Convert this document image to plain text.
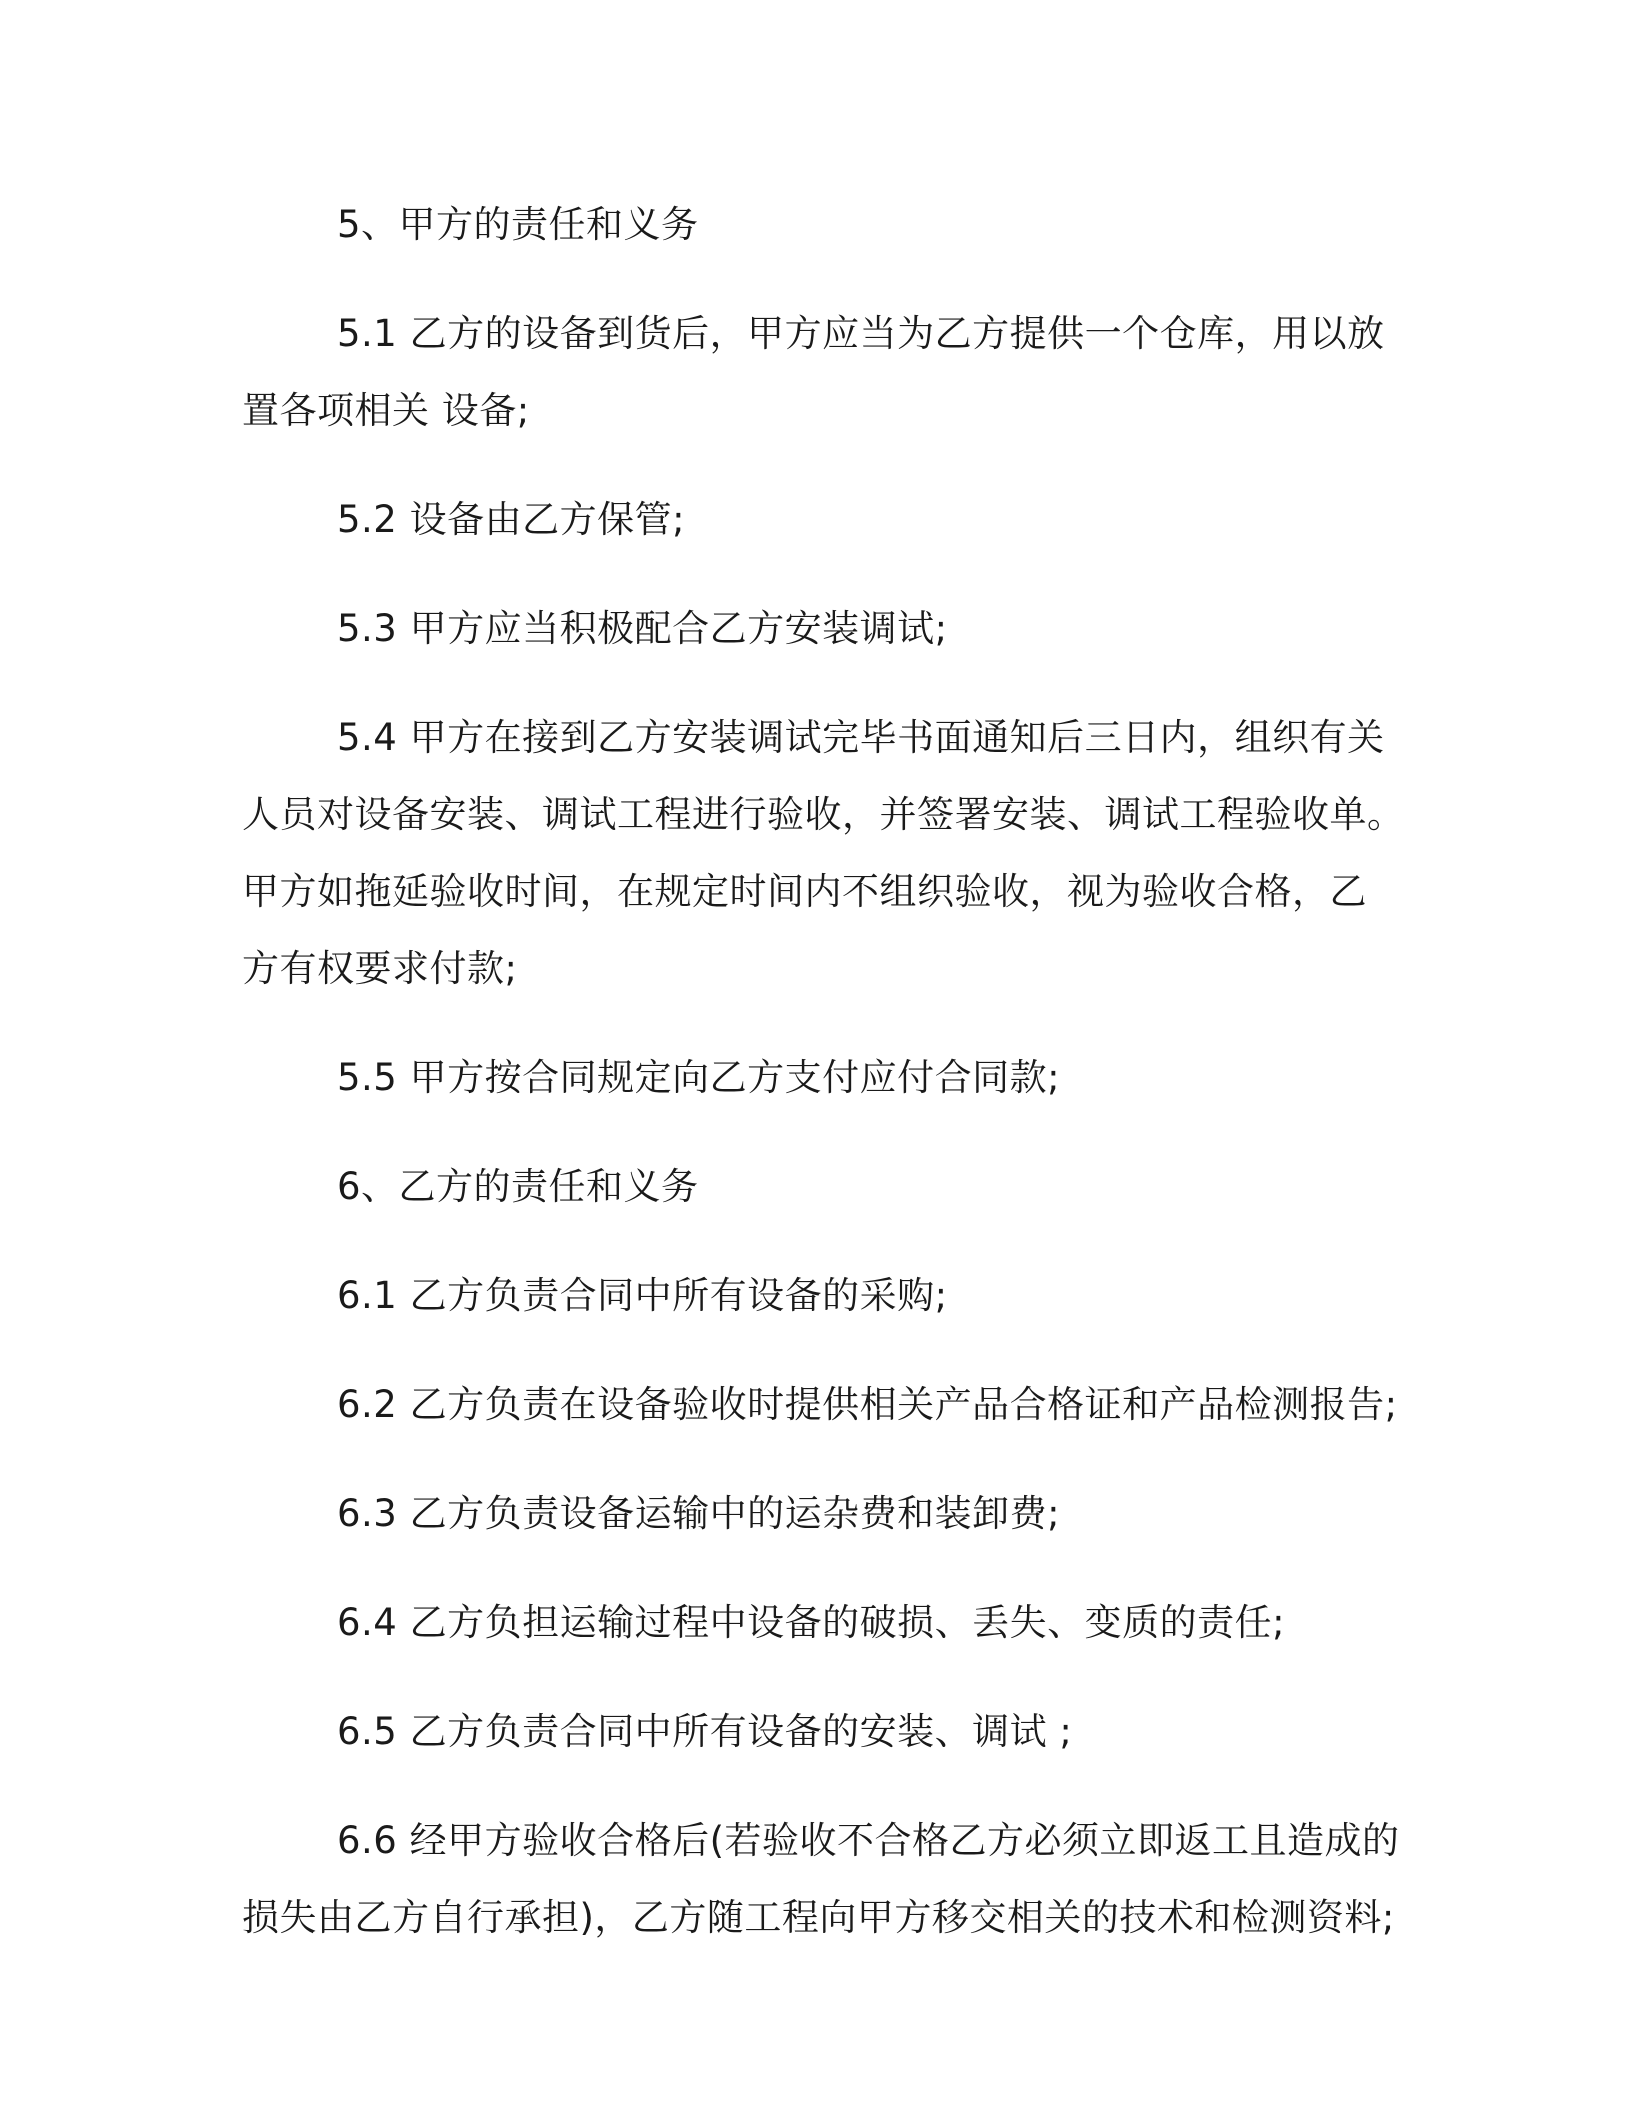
5、甲方的责任和义务
5.1 乙方的设备到货后，甲方应当为乙方提供一个仓库，用以放
置各项相关 设备;
5.2 设备由乙方保管;
5.3 甲方应当积极配合乙方安装调试;
5.4 甲方在接到乙方安装调试完毕书面通知后三日内，组织有关
人员对设备安装、调试工程进行验收，并签署安装、调试工程验收单。
甲方如拖延验收时间，在规定时间内不组织验收，视为验收合格，乙
方有权要求付款;
5.5 甲方按合同规定向乙方支付应付合同款;
6、乙方的责任和义务
6.1 乙方负责合同中所有设备的采购;
6.2 乙方负责在设备验收时提供相关产品合格证和产品检测报告;
6.3 乙方负责设备运输中的运杂费和装卸费;
6.4 乙方负担运输过程中设备的破损、丢失、变质的责任;
6.5 乙方负责合同中所有设备的安装、调试 ;
6.6 经甲方验收合格后(若验收不合格乙方必须立即返工且造成的
损失由乙方自行承担)，乙方随工程向甲方移交相关的技术和检测资料;
